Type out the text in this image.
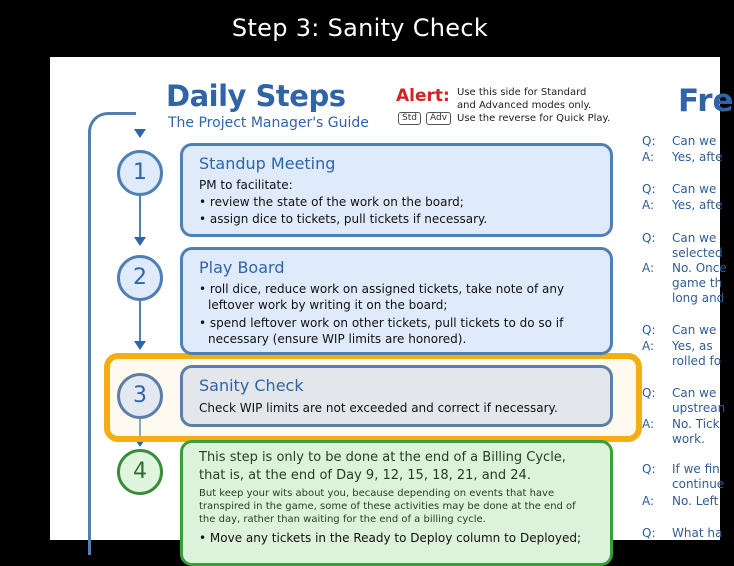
Step 3: Sanity Check
Daily Steps
The Project Manager's Guide
Alert: Use this side for Standard
and Advanced modes only.
Use the reverse for Quick Play.
Std	Adv	Fre
1	Standup Meeting
PM to facilitate:
• review the state of the work on the board;
• assign dice to tickets, pull tickets if necessary.
2	Play Board
• roll dice, reduce work on assigned tickets, take note of any
leftover work by writing it on the board;
• spend leftover work on other tickets, pull tickets to do so if
necessary (ensure WIP limits are honored).
3	Sanity Check
Check WIP limits are not exceeded and correct if necessary.
4
This step is only to be done at the end of a Billing Cycle,
that is, at the end of Day 9, 12, 15, 18, 21, and 24.
But keep your wits about you, because depending on events that have
transpired in the game, some of these activities may be done at the end of
the day, rather than waiting for the end of a billing cycle.
• Move any tickets in the Ready to Deploy column to Deployed;
Q: Can we
A: Yes, afte
Q: Can we
A: Yes, afte
Q: Can we
selected
A: No. Once
game th
long and
Q: Can we
A: Yes, as
rolled fo
Q: Can we
upstrean
A: No. Tick
work.
Q: If we fin
continue
A: No. Left
Q: What ha
